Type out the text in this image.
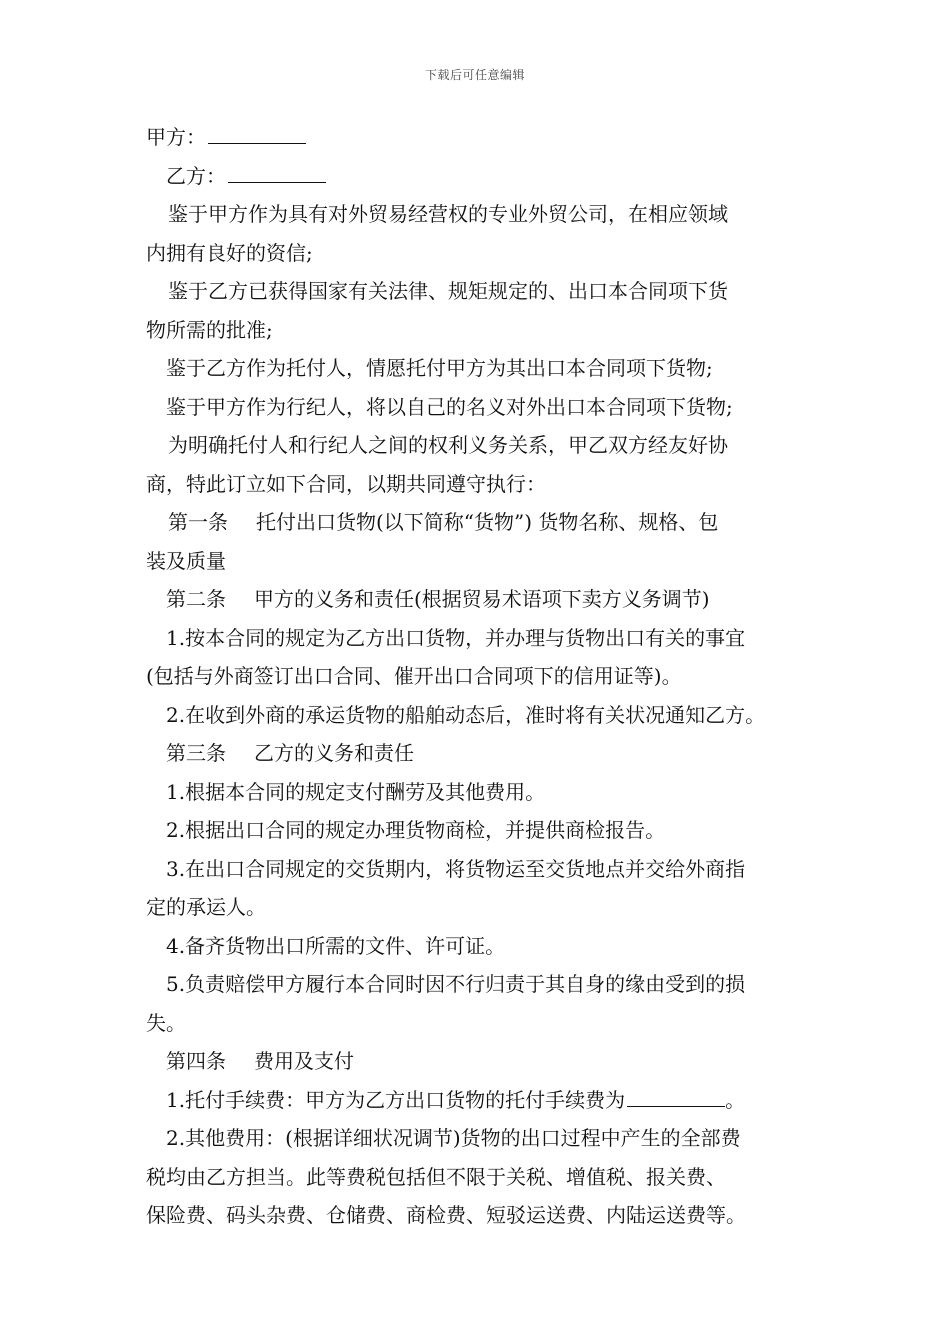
下载后可任意编辑
甲方：
乙方：
鉴于甲方作为具有对外贸易经营权的专业外贸公司，在相应领域
内拥有良好的资信;
鉴于乙方已获得国家有关法律、规矩规定的、出口本合同项下货
物所需的批准;
鉴于乙方作为托付人，情愿托付甲方为其出口本合同项下货物;
鉴于甲方作为行纪人，将以自己的名义对外出口本合同项下货物;
为明确托付人和行纪人之间的权利义务关系，甲乙双方经友好协
商，特此订立如下合同，以期共同遵守执行：
第一条 托付出口货物(以下简称“货物”) 货物名称、规格、包
装及质量
第二条 甲方的义务和责任(根据贸易术语项下卖方义务调节)
1.按本合同的规定为乙方出口货物，并办理与货物出口有关的事宜
(包括与外商签订出口合同、催开出口合同项下的信用证等)。
2.在收到外商的承运货物的船舶动态后，准时将有关状况通知乙方。
第三条 乙方的义务和责任
1.根据本合同的规定支付酬劳及其他费用。
2.根据出口合同的规定办理货物商检，并提供商检报告。
3.在出口合同规定的交货期内，将货物运至交货地点并交给外商指
定的承运人。
4.备齐货物出口所需的文件、许可证。
5.负责赔偿甲方履行本合同时因不行归责于其自身的缘由受到的损
失。
第四条 费用及支付
1.托付手续费：甲方为乙方出口货物的托付手续费为	。
2.其他费用：(根据详细状况调节)货物的出口过程中产生的全部费
税均由乙方担当。此等费税包括但不限于关税、增值税、报关费、
保险费、码头杂费、仓储费、商检费、短驳运送费、内陆运送费等。
